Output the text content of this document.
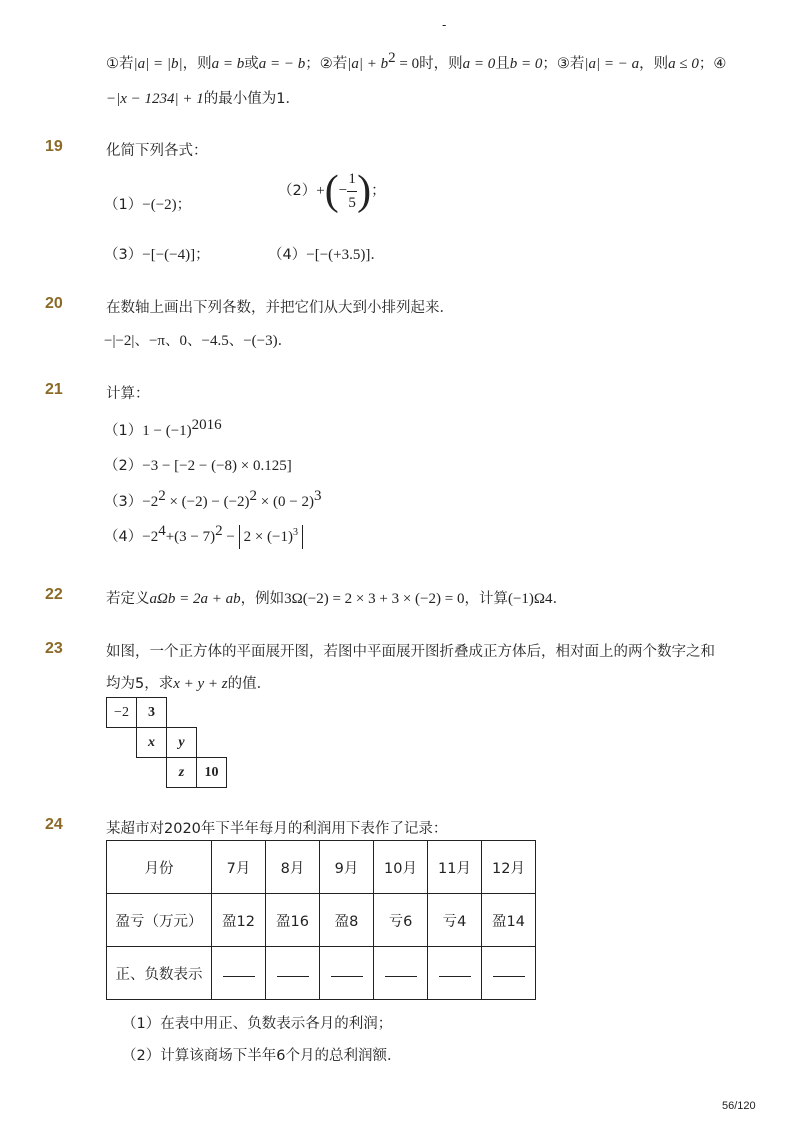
-
①若|a| = |b|，则a = b或a = − b；②若$|a| + b^2 = 0$时，则a = 0且b = 0；③若|a| = − a，则a ≤ 0；④
−|x − 1234| + 1的最小值为1．
19	化简下列各式：
（1）−(−2)；
$(2)+(- \frac{1}{5}$ )；
（3）−[−(−4)]；	（4）−[−(+3.5)]．
20	在数轴上画出下列各数，并把它们从大到小排列起来．
−|−2|、−π、0、−4.5、−(−3)．
21	计算：
$(1)1 - (-1)^{2016}$
（2）−3 − [−2 − (−8) × 0.125]
$(3)-2^2 \times (-2) - (-2)^2 \times (0 - 2)^3$
$(4)-2^4+(3 - 7)^2 - 2 \times (-1)^3$
22	若定义aΩb = 2a + ab，例如3Ω(−2) = 2 × 3 + 3 × (−2) = 0，计算(−1)Ω4．
23	如图，一个正方体的平面展开图，若图中平面展开图折叠成正方体后，相对面上的两个数字之和
均为5，求x + y + z的值．
−2	3
x	y
z	10
24	某超市对2020年下半年每月的利润用下表作了记录：
月份	7月	8月	9月	10月	11月	12月
盈亏（万元）	盈12	盈16	盈8	亏6	亏4	盈14
正、负数表示						
（1）在表中用正、负数表示各月的利润；
（2）计算该商场下半年6个月的总利润额．
56/120
